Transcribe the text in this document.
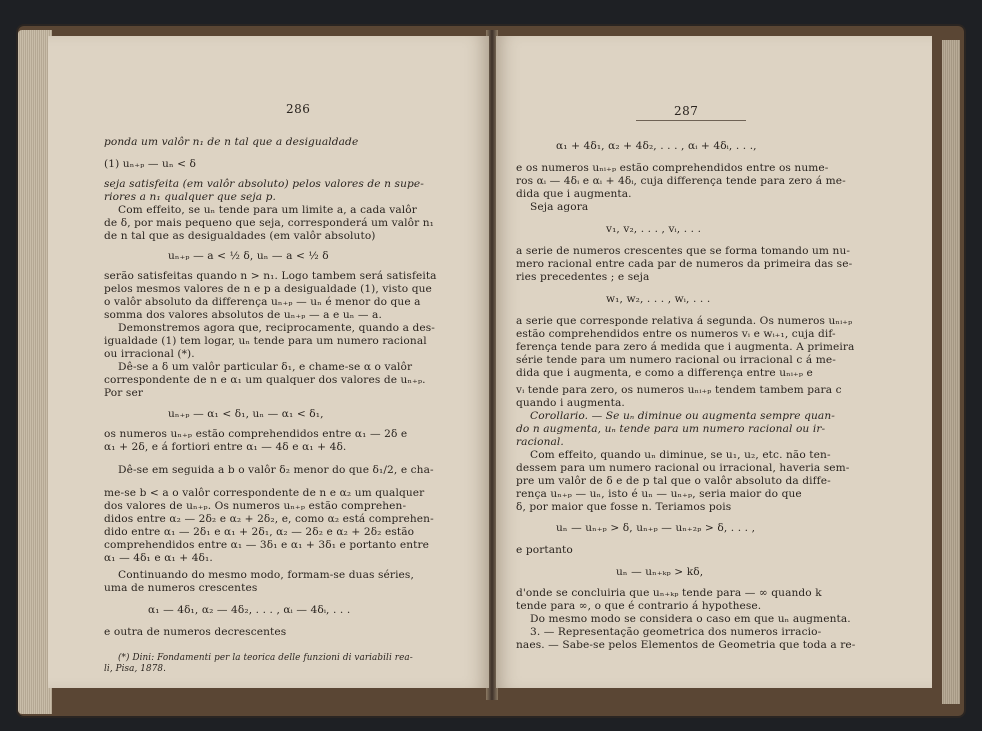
286
ponda um valôr n₁ de n tal que a desigualdade
(1) uₙ₊ₚ — uₙ < δ
seja satisfeita (em valôr absoluto) pelos valores de n supe-
riores a n₁ qualquer que seja p.
Com effeito, se uₙ tende para um limite a, a cada valôr
de δ, por mais pequeno que seja, corresponderá um valôr n₁
de n tal que as desigualdades (em valôr absoluto)
uₙ₊ₚ — a < ½ δ, uₙ — a < ½ δ
serão satisfeitas quando n > n₁. Logo tambem será satisfeita
pelos mesmos valores de n e p a desigualdade (1), visto que
o valôr absoluto da differença uₙ₊ₚ — uₙ é menor do que a
somma dos valores absolutos de uₙ₊ₚ — a e uₙ — a.
Demonstremos agora que, reciprocamente, quando a des-
igualdade (1) tem logar, uₙ tende para um numero racional
ou irracional (*).
Dê-se a δ um valôr particular δ₁, e chame-se α o valôr
correspondente de n e α₁ um qualquer dos valores de uₙ₊ₚ.
Por ser
uₙ₊ₚ — α₁ < δ₁, uₙ — α₁ < δ₁,
os numeros uₙ₊ₚ estão comprehendidos entre α₁ — 2δ e
α₁ + 2δ, e á fortiori entre α₁ — 4δ e α₁ + 4δ.
Dê-se em seguida a b o valôr δ₂ menor do que δ₁/2, e cha-
me-se b < a o valôr correspondente de n e α₂ um qualquer
dos valores de uₙ₊ₚ. Os numeros uₙ₊ₚ estão comprehen-
didos entre α₂ — 2δ₂ e α₂ + 2δ₂, e, como α₂ está comprehen-
dido entre α₁ — 2δ₁ e α₁ + 2δ₁, α₂ — 2δ₂ e α₂ + 2δ₂ estão
comprehendidos entre α₁ — 3δ₁ e α₁ + 3δ₁ e portanto entre
α₁ — 4δ₁ e α₁ + 4δ₁.
Continuando do mesmo modo, formam-se duas séries,
uma de numeros crescentes
α₁ — 4δ₁, α₂ — 4δ₂, . . . , αᵢ — 4δᵢ, . . .
e outra de numeros decrescentes
(*) Dini: Fondamenti per la teorica delle funzioni di variabili rea-
li, Pisa, 1878.
287
α₁ + 4δ₁, α₂ + 4δ₂, . . . , αᵢ + 4δᵢ, . . .,
e os numeros uₙᵢ₊ₚ estão comprehendidos entre os nume-
ros αᵢ — 4δᵢ e αᵢ + 4δᵢ, cuja differença tende para zero á me-
dida que i augmenta.
Seja agora
v₁, v₂, . . . , vᵢ, . . .
a serie de numeros crescentes que se forma tomando um nu-
mero racional entre cada par de numeros da primeira das se-
ries precedentes ; e seja
w₁, w₂, . . . , wᵢ, . . .
a serie que corresponde relativa á segunda. Os numeros uₙᵢ₊ₚ
estão comprehendidos entre os numeros vᵢ e wᵢ₊₁, cuja dif-
ferença tende para zero á medida que i augmenta. A primeira
série tende para um numero racional ou irracional c á me-
dida que i augmenta, e como a differença entre uₙᵢ₊ₚ e
vᵢ tende para zero, os numeros uₙᵢ₊ₚ tendem tambem para c
quando i augmenta.
Corollario. — Se uₙ diminue ou augmenta sempre quan-
do n augmenta, uₙ tende para um numero racional ou ir-
racional.
Com effeito, quando uₙ diminue, se u₁, u₂, etc. não ten-
dessem para um numero racional ou irracional, haveria sem-
pre um valôr de δ e de p tal que o valôr absoluto da diffe-
rença uₙ₊ₚ — uₙ, isto é uₙ — uₙ₊ₚ, seria maior do que
δ, por maior que fosse n. Teriamos pois
uₙ — uₙ₊ₚ > δ, uₙ₊ₚ — uₙ₊₂ₚ > δ, . . . ,
e portanto
uₙ — uₙ₊ₖₚ > kδ,
d'onde se concluiria que uₙ₊ₖₚ tende para — ∞ quando k
tende para ∞, o que é contrario á hypothese.
Do mesmo modo se considera o caso em que uₙ augmenta.
3. — Representação geometrica dos numeros irracio-
naes. — Sabe-se pelos Elementos de Geometria que toda a re-
